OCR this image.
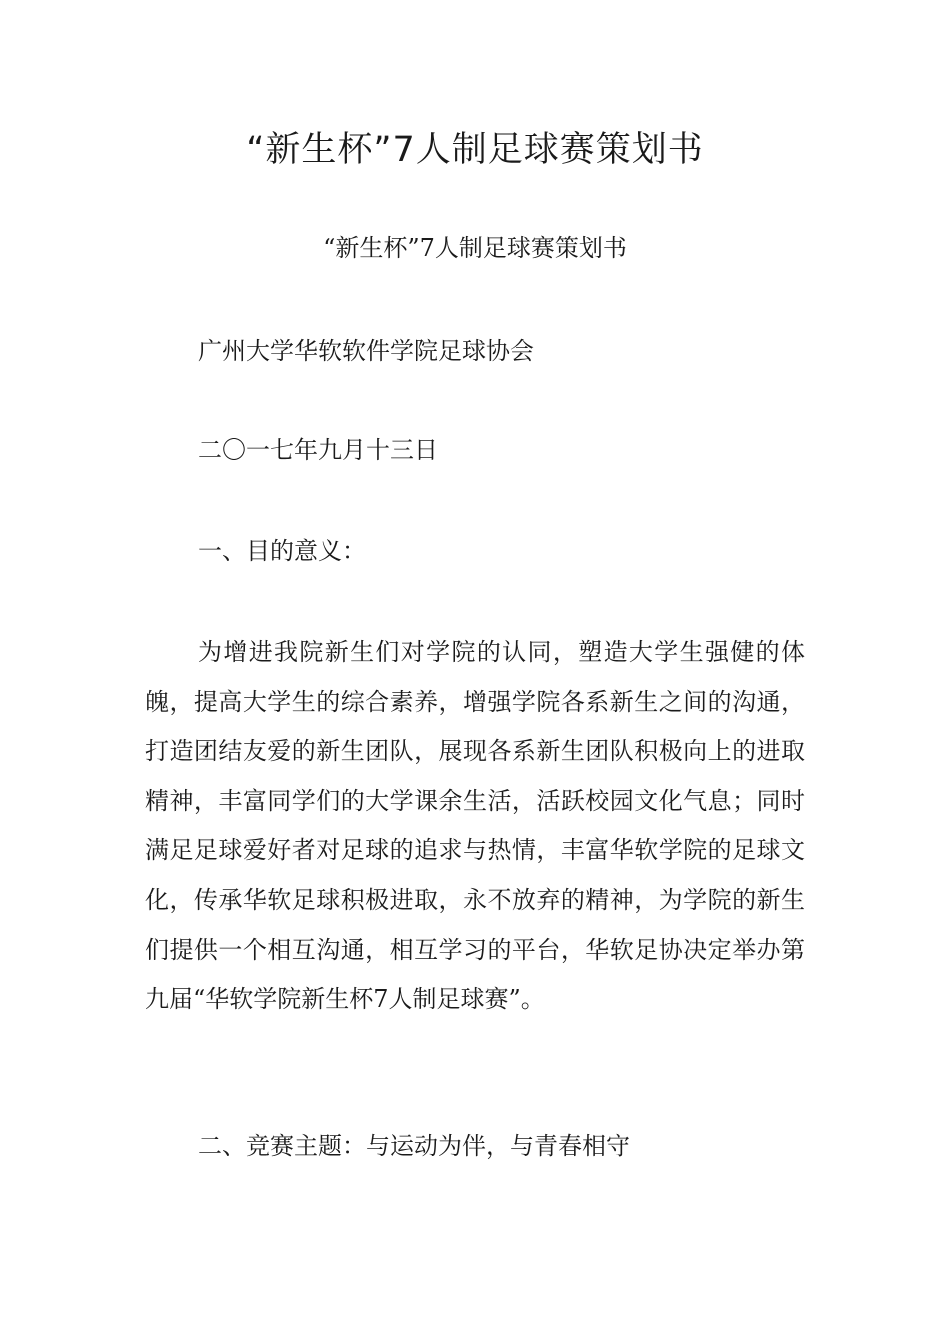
“新生杯”7人制足球赛策划书

“新生杯”7人制足球赛策划书

广州大学华软软件学院足球协会

二〇一七年九月十三日

一、目的意义：

为增进我院新生们对学院的认同，塑造大学生强健的体魄，提高大学生的综合素养，增强学院各系新生之间的沟通，打造团结友爱的新生团队，展现各系新生团队积极向上的进取精神，丰富同学们的大学课余生活，活跃校园文化气息；同时满足足球爱好者对足球的追求与热情，丰富华软学院的足球文化，传承华软足球积极进取，永不放弃的精神，为学院的新生们提供一个相互沟通，相互学习的平台，华软足协决定举办第九届“华软学院新生杯7人制足球赛”。

二、竞赛主题：与运动为伴，与青春相守
